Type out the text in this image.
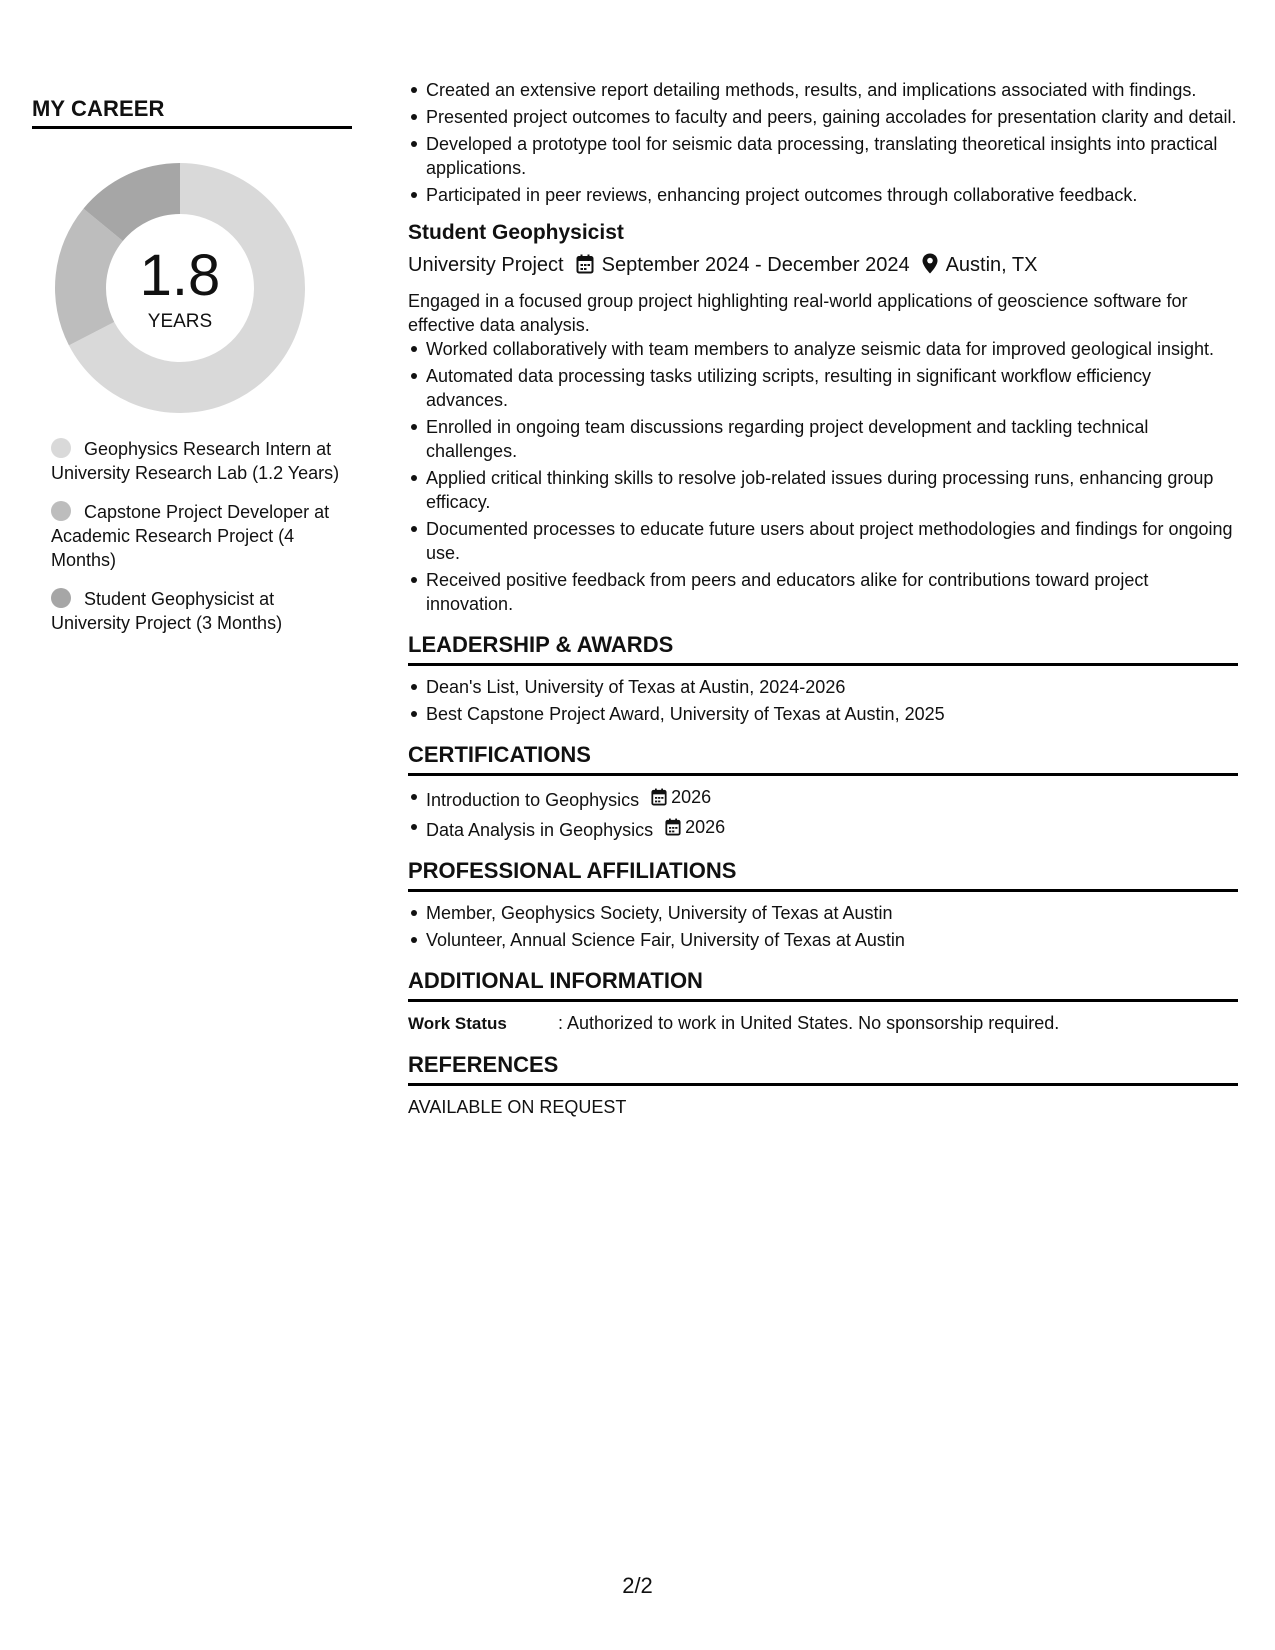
MY CAREER
1.8
YEARS
Geophysics Research Intern at University Research Lab (1.2 Years)
Capstone Project Developer at Academic Research Project (4 Months)
Student Geophysicist at University Project (3 Months)
Created an extensive report detailing methods, results, and implications associated with findings.
Presented project outcomes to faculty and peers, gaining accolades for presentation clarity and detail.
Developed a prototype tool for seismic data processing, translating theoretical insights into practical applications.
Participated in peer reviews, enhancing project outcomes through collaborative feedback.
Student Geophysicist
University Project September 2024 - December 2024 Austin, TX
Engaged in a focused group project highlighting real-world applications of geoscience software for effective data analysis.
Worked collaboratively with team members to analyze seismic data for improved geological insight.
Automated data processing tasks utilizing scripts, resulting in significant workflow efficiency advances.
Enrolled in ongoing team discussions regarding project development and tackling technical challenges.
Applied critical thinking skills to resolve job-related issues during processing runs, enhancing group efficacy.
Documented processes to educate future users about project methodologies and findings for ongoing use.
Received positive feedback from peers and educators alike for contributions toward project innovation.
LEADERSHIP & AWARDS
Dean's List, University of Texas at Austin, 2024-2026
Best Capstone Project Award, University of Texas at Austin, 2025
CERTIFICATIONS
Introduction to Geophysics 2026
Data Analysis in Geophysics 2026
PROFESSIONAL AFFILIATIONS
Member, Geophysics Society, University of Texas at Austin
Volunteer, Annual Science Fair, University of Texas at Austin
ADDITIONAL INFORMATION
Work Status	: Authorized to work in United States. No sponsorship required.
REFERENCES
AVAILABLE ON REQUEST
2/2
